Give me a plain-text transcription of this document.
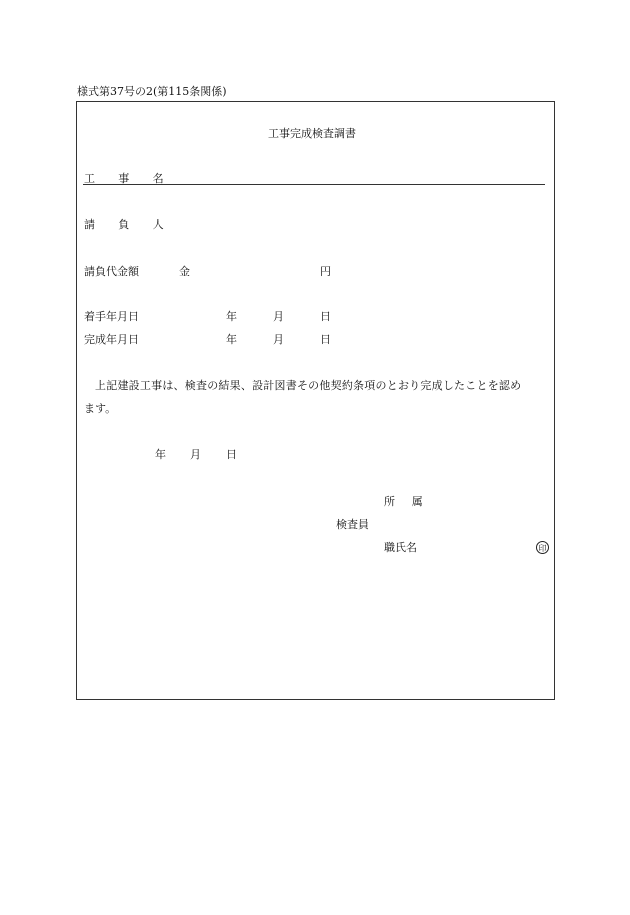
様式第37号の2(第115条関係)
工事完成検査調書
工 事 名
請 負 人
請負代金額	金	円
着手年月日	年	月	日
完成年月日	年	月	日
上記建設工事は、検査の結果、設計図書その他契約条項のとおり完成したことを認め
ます。
年 月 日
所 属
検査員
職氏名	印
